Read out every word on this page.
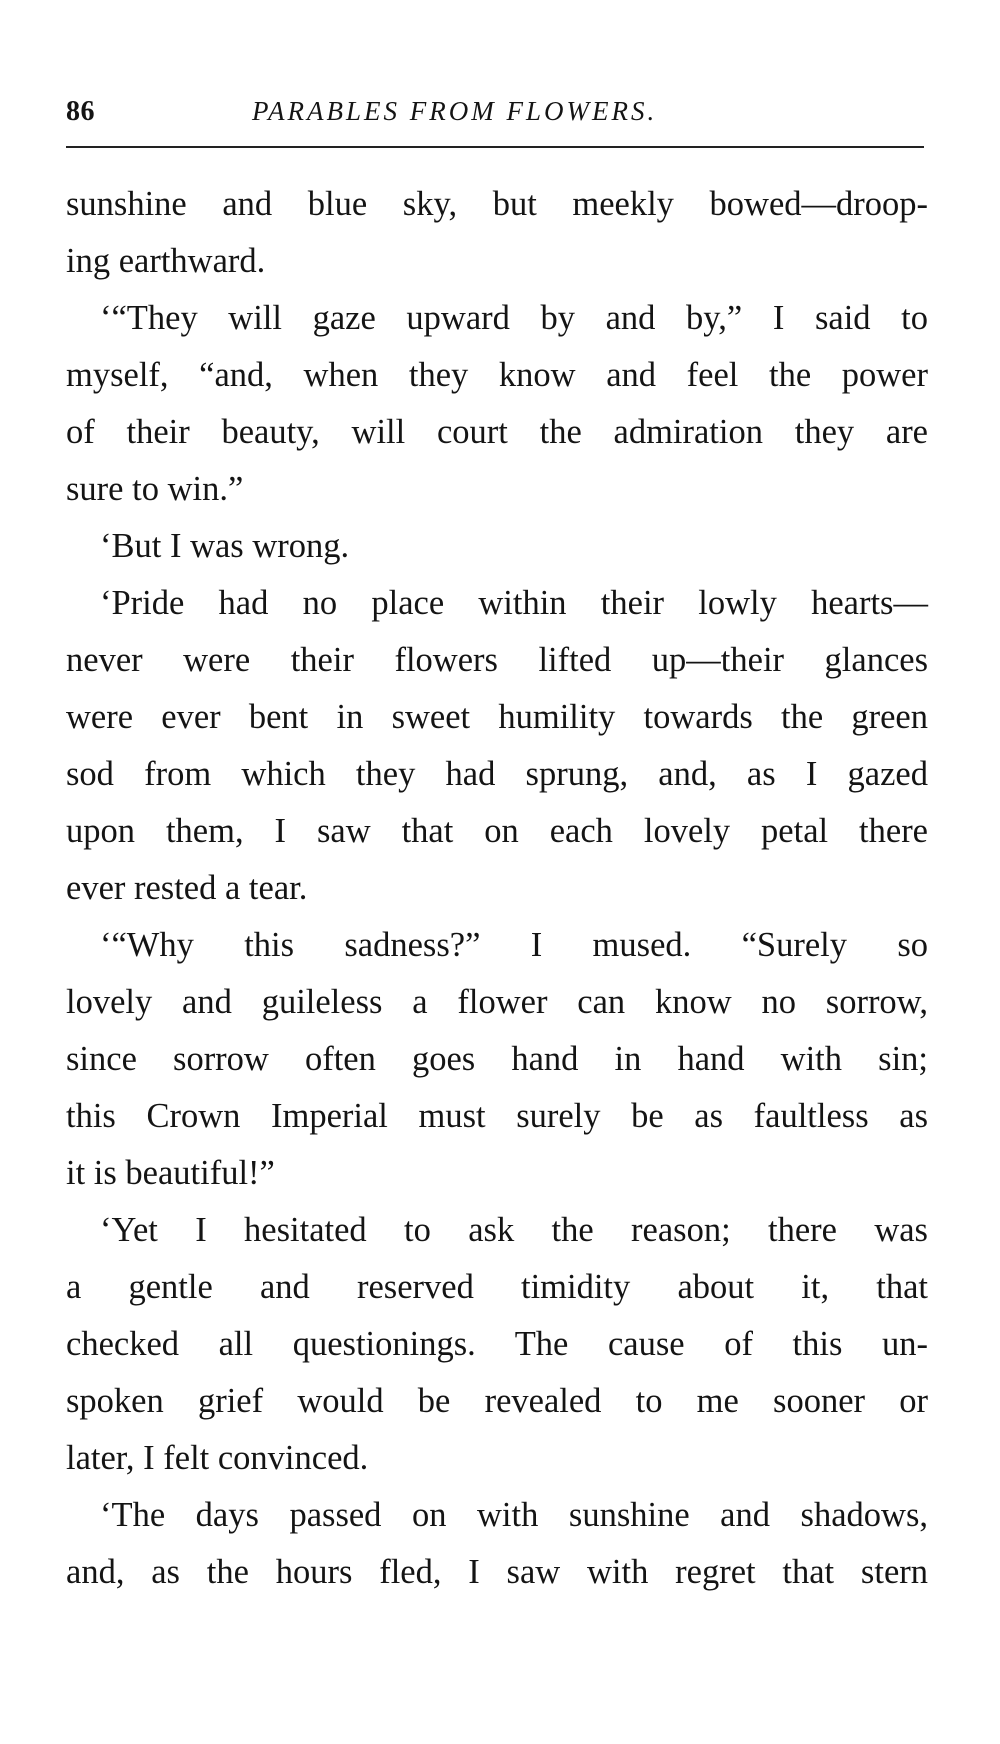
86	PARABLES FROM FLOWERS.
sunshine and blue sky, but meekly bowed—droop-
ing earthward.
‘“They will gaze upward by and by,” I said to
myself, “and, when they know and feel the power
of their beauty, will court the admiration they are
sure to win.”
‘But I was wrong.
‘Pride had no place within their lowly hearts—
never were their flowers lifted up—their glances
were ever bent in sweet humility towards the green
sod from which they had sprung, and, as I gazed
upon them, I saw that on each lovely petal there
ever rested a tear.
‘“Why this sadness?” I mused. “Surely so
lovely and guileless a flower can know no sorrow,
since sorrow often goes hand in hand with sin;
this Crown Imperial must surely be as faultless as
it is beautiful!”
‘Yet I hesitated to ask the reason; there was
a gentle and reserved timidity about it, that
checked all questionings. The cause of this un-
spoken grief would be revealed to me sooner or
later, I felt convinced.
‘The days passed on with sunshine and shadows,
and, as the hours fled, I saw with regret that stern
